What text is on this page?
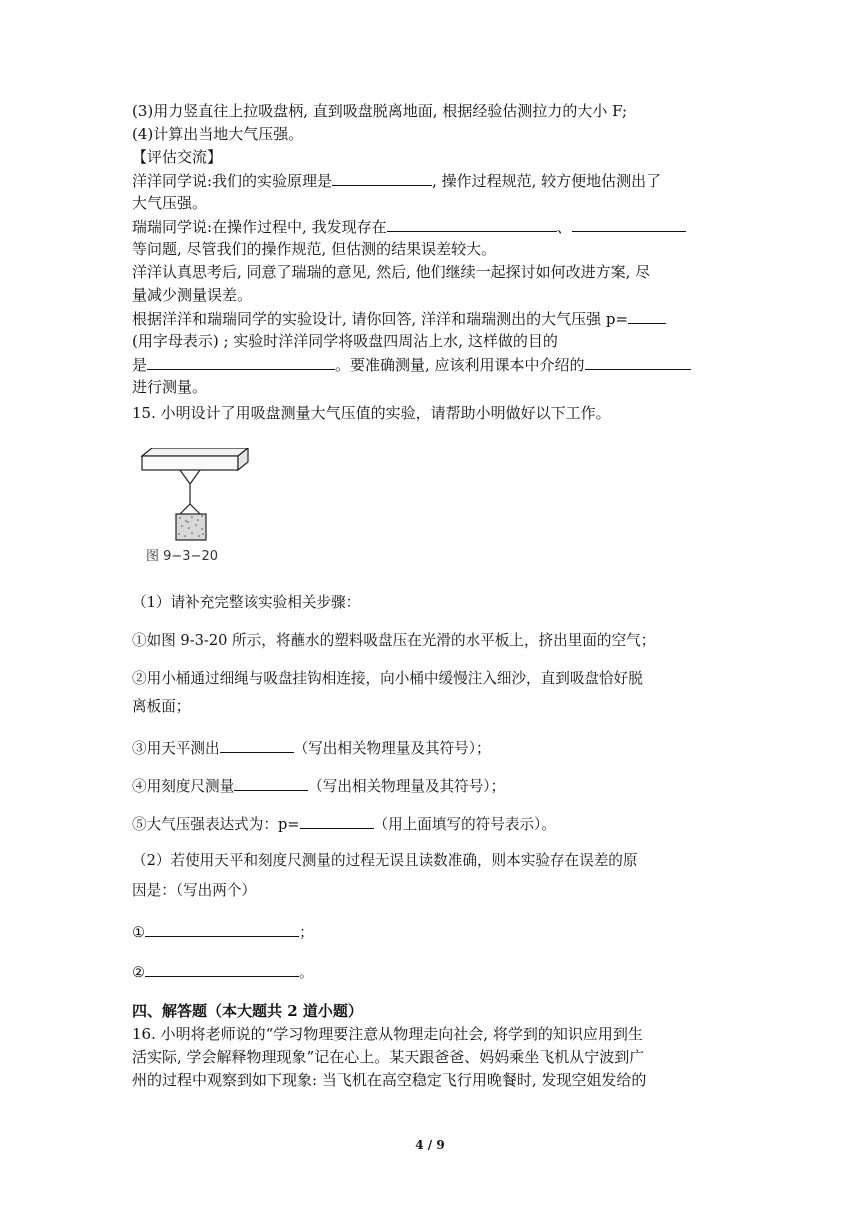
(3)用力竖直往上拉吸盘柄, 直到吸盘脱离地面, 根据经验估测拉力的大小 F;
(4)计算出当地大气压强。
【评估交流】
洋洋同学说:我们的实验原理是	, 操作过程规范, 较方便地估测出了
大气压强。
瑞瑞同学说:在操作过程中, 我发现存在	、
等问题, 尽管我们的操作规范, 但估测的结果误差较大。
洋洋认真思考后, 同意了瑞瑞的意见, 然后, 他们继续一起探讨如何改进方案, 尽
量减少测量误差。
根据洋洋和瑞瑞同学的实验设计, 请你回答, 洋洋和瑞瑞测出的大气压强 p=
(用字母表示) ; 实验时洋洋同学将吸盘四周沾上水, 这样做的目的
是	。要准确测量, 应该利用课本中介绍的
进行测量。
15. 小明设计了用吸盘测量大气压值的实验，请帮助小明做好以下工作。
图 9−3−20
（1）请补充完整该实验相关步骤：
①如图 9-3-20 所示，将蘸水的塑料吸盘压在光滑的水平板上，挤出里面的空气；
②用小桶通过细绳与吸盘挂钩相连接，向小桶中缓慢注入细沙，直到吸盘恰好脱
离板面；
③用天平测出	（写出相关物理量及其符号）；
④用刻度尺测量	（写出相关物理量及其符号）；
⑤大气压强表达式为：p=	（用上面填写的符号表示）。
（2）若使用天平和刻度尺测量的过程无误且读数准确，则本实验存在误差的原
因是：（写出两个）
①	；
②	。
四、解答题（本大题共 2 道小题）
16. 小明将老师说的“学习物理要注意从物理走向社会, 将学到的知识应用到生
活实际, 学会解释物理现象”记在心上。某天跟爸爸、妈妈乘坐飞机从宁波到广
州的过程中观察到如下现象: 当飞机在高空稳定飞行用晚餐时, 发现空姐发给的
4 / 9
